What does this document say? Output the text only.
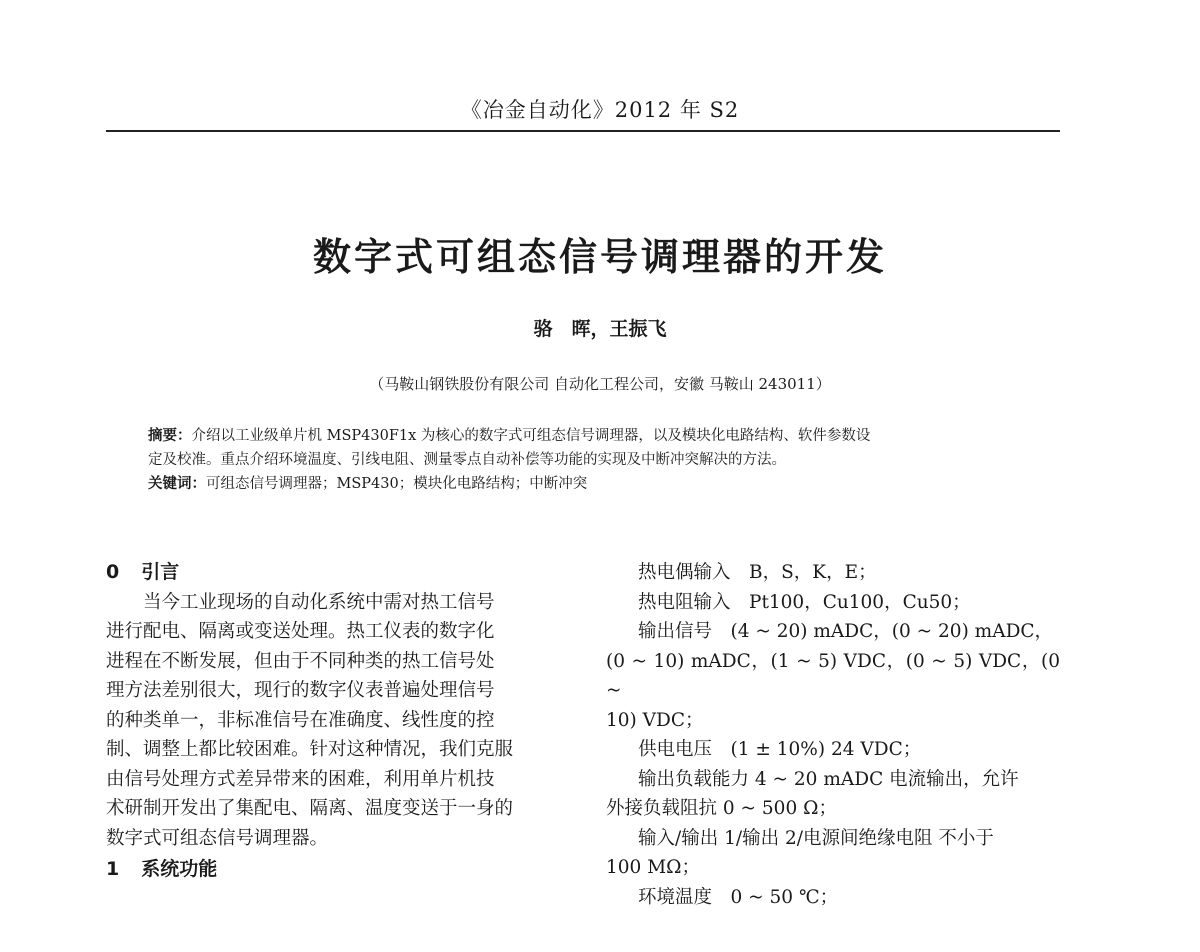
《冶金自动化》2012 年 S2
数字式可组态信号调理器的开发
骆　晖，王振飞
（马鞍山钢铁股份有限公司 自动化工程公司，安徽 马鞍山 243011）

摘要：介绍以工业级单片机 MSP430F1x 为核心的数字式可组态信号调理器，以及模块化电路结构、软件参数设

定及校准。重点介绍环境温度、引线电阻、测量零点自动补偿等功能的实现及中断冲突解决的方法。

关键词：可组态信号调理器；MSP430；模块化电路结构；中断冲突

0 引言

当今工业现场的自动化系统中需对热工信号

进行配电、隔离或变送处理。热工仪表的数字化

进程在不断发展，但由于不同种类的热工信号处

理方法差别很大，现行的数字仪表普遍处理信号

的种类单一，非标准信号在准确度、线性度的控

制、调整上都比较困难。针对这种情况，我们克服

由信号处理方式差异带来的困难，利用单片机技

术研制开发出了集配电、隔离、温度变送于一身的

数字式可组态信号调理器。

1 系统功能

热电偶输入　B，S，K，E；

热电阻输入　Pt100，Cu100，Cu50；

输出信号　(4 ~ 20) mADC，(0 ~ 20) mADC，

(0 ~ 10) mADC，(1 ~ 5) VDC，(0 ~ 5) VDC，(0 ~

10) VDC；

供电电压　(1 ± 10%) 24 VDC；

输出负载能力 4 ~ 20 mADC 电流输出，允许

外接负载阻抗 0 ~ 500 Ω；

输入/输出 1/输出 2/电源间绝缘电阻 不小于

100 MΩ；

环境温度　0 ~ 50 ℃；
